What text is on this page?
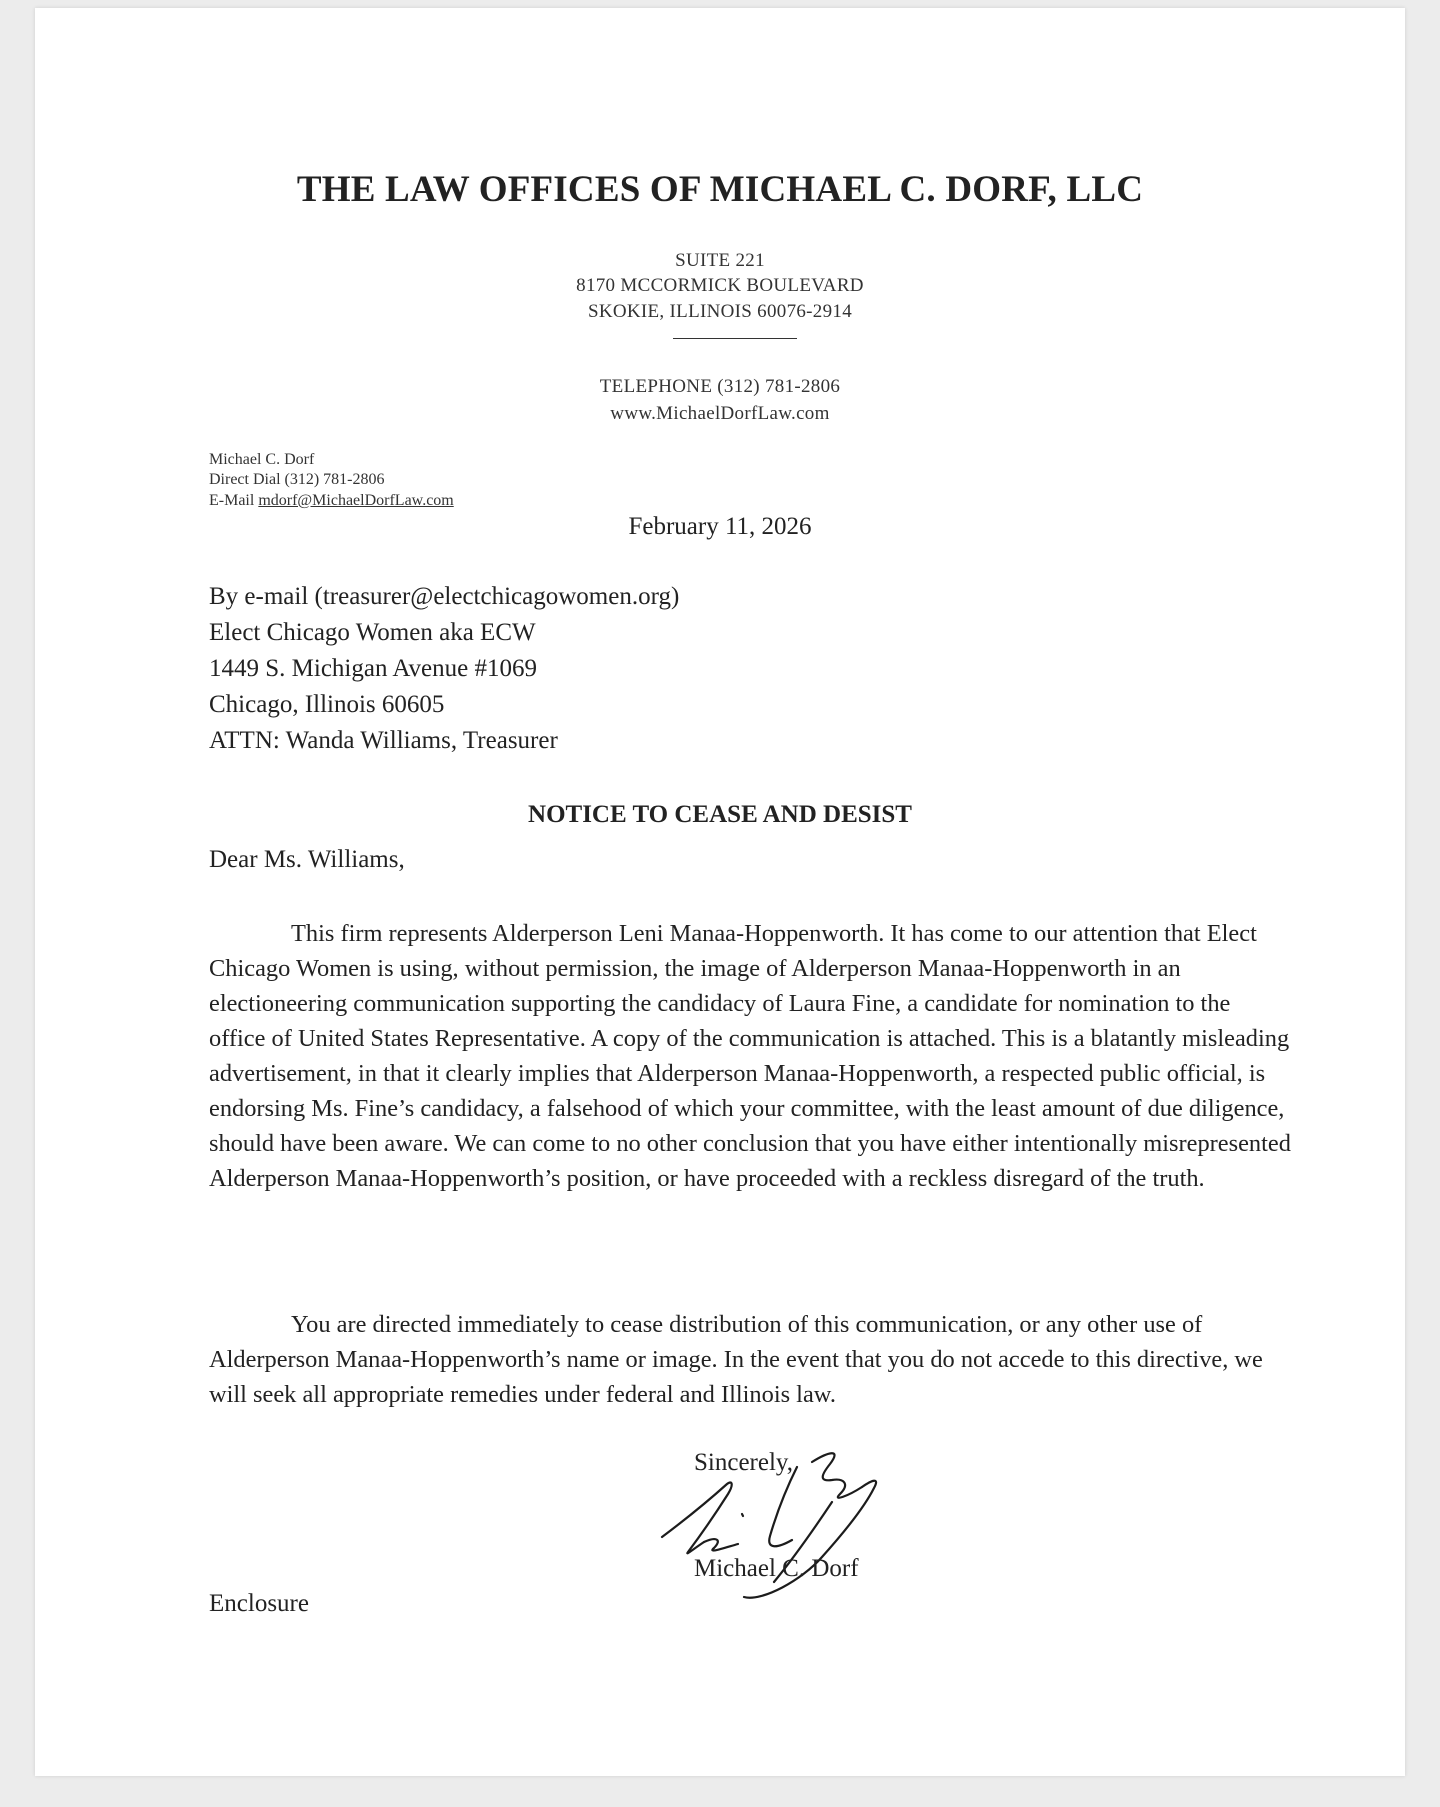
THE LAW OFFICES OF MICHAEL C. DORF, LLC
SUITE 221
8170 MCCORMICK BOULEVARD
SKOKIE, ILLINOIS 60076-2914
TELEPHONE (312) 781-2806
www.MichaelDorfLaw.com
Michael C. Dorf
Direct Dial (312) 781-2806
E-Mail mdorf@MichaelDorfLaw.com
February 11, 2026
By e-mail (treasurer@electchicagowomen.org)
Elect Chicago Women aka ECW
1449 S. Michigan Avenue #1069
Chicago, Illinois 60605
ATTN: Wanda Williams, Treasurer
NOTICE TO CEASE AND DESIST
Dear Ms. Williams,

This firm represents Alderperson Leni Manaa-Hoppenworth. It has come to our attention that Elect Chicago Women is using, without permission, the image of Alderperson Manaa-Hoppenworth in an electioneering communication supporting the candidacy of Laura Fine, a candidate for nomination to the office of United States Representative. A copy of the communication is attached. This is a blatantly misleading advertisement, in that it clearly implies that Alderperson Manaa-Hoppenworth, a respected public official, is endorsing Ms. Fine’s candidacy, a falsehood of which your committee, with the least amount of due diligence, should have been aware. We can come to no other conclusion that you have either intentionally misrepresented Alderperson Manaa-Hoppenworth’s position, or have proceeded with a reckless disregard of the truth.

You are directed immediately to cease distribution of this communication, or any other use of Alderperson Manaa-Hoppenworth’s name or image. In the event that you do not accede to this directive, we will seek all appropriate remedies under federal and Illinois law.

Sincerely,
Michael C. Dorf
Enclosure
